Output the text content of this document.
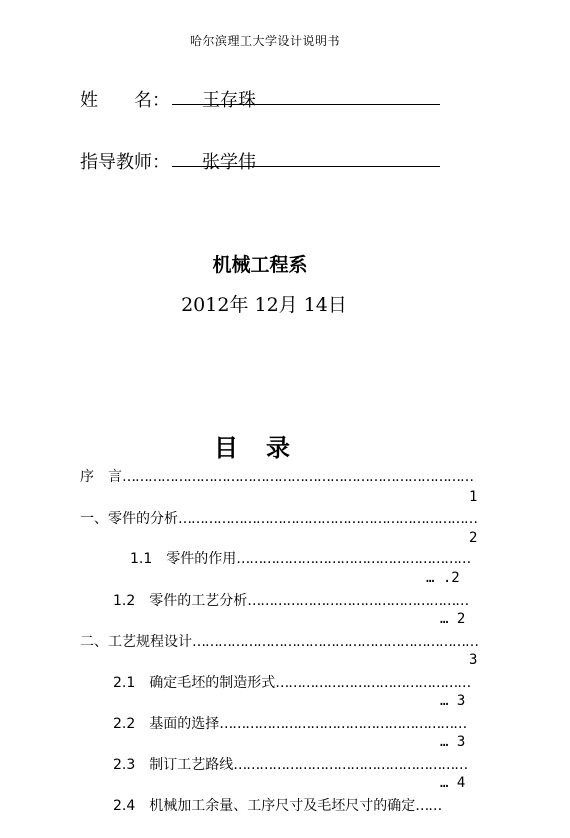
哈尔滨理工大学设计说明书
姓　　名： 王存珠
指导教师： 张学伟
机械工程系
2012年 12月 14日
目　录
序　言………………………………………………………………………
1
一、零件的分析……………………………………………………………
2
1.1　零件的作用………………………………………………
… .2
1.2　零件的工艺分析……………………………………………
… 2
二、工艺规程设计…………………………………………………………
3
2.1　确定毛坯的制造形式………………………………………
… 3
2.2　基面的选择…………………………………………………
… 3
2.3　制订工艺路线………………………………………………
… 4
2.4　机械加工余量、工序尺寸及毛坯尺寸的确定……
